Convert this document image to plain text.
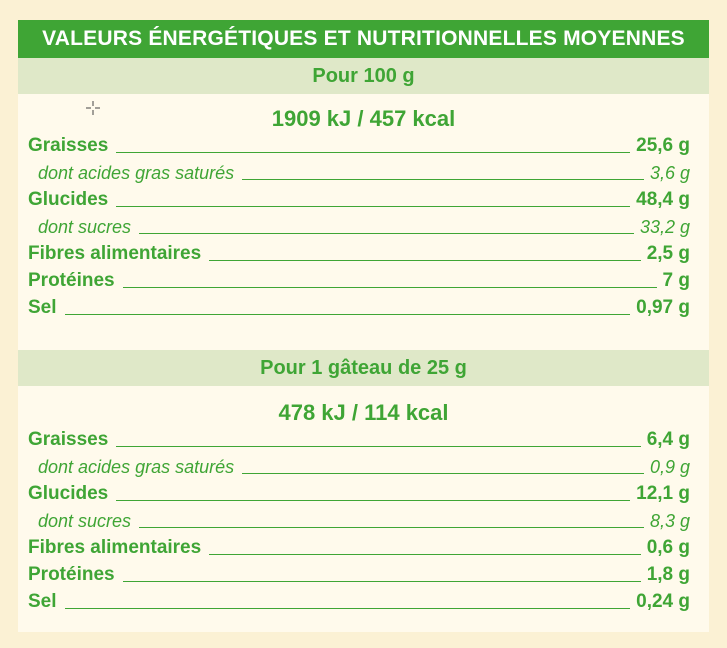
VALEURS ÉNERGÉTIQUES ET NUTRITIONNELLES MOYENNES
Pour 100 g
1909 kJ / 457 kcal
Graisses	25,6 g
dont acides gras saturés	3,6 g
Glucides	48,4 g
dont sucres	33,2 g
Fibres alimentaires	2,5 g
Protéines	7 g
Sel	0,97 g
Pour 1 gâteau de 25 g
478 kJ / 114 kcal
Graisses	6,4 g
dont acides gras saturés	0,9 g
Glucides	12,1 g
dont sucres	8,3 g
Fibres alimentaires	0,6 g
Protéines	1,8 g
Sel	0,24 g
